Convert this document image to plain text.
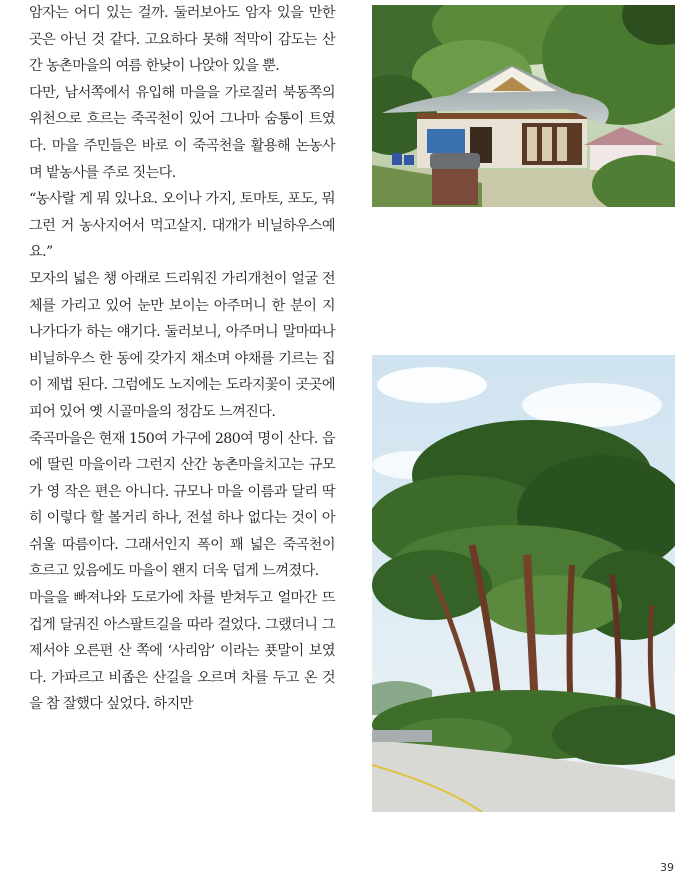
암자는 어디 있는 걸까. 둘러보아도 암자 있을 만한 곳은 아닌 것 같다. 고요하다 못해 적막이 감도는 산간 농촌마을의 여름 한낮이 나앉아 있을 뿐.

다만, 남서쪽에서 유입해 마을을 가로질러 북동쪽의 위천으로 흐르는 죽곡천이 있어 그나마 숨통이 트였다. 마을 주민들은 바로 이 죽곡천을 활용해 논농사며 밭농사를 주로 짓는다.

“농사랄 게 뭐 있나요. 오이나 가지, 토마토, 포도, 뭐 그런 거 농사지어서 먹고살지. 대개가 비닐하우스예요.”

모자의 넓은 챙 아래로 드리워진 가리개천이 얼굴 전체를 가리고 있어 눈만 보이는 아주머니 한 분이 지나가다가 하는 얘기다. 둘러보니, 아주머니 말마따나 비닐하우스 한 동에 갖가지 채소며 야채를 기르는 집이 제법 된다. 그럼에도 노지에는 도라지꽃이 곳곳에 피어 있어 옛 시골마을의 정감도 느껴진다.

죽곡마을은 현재 150여 가구에 280여 명이 산다. 읍에 딸린 마을이라 그런지 산간 농촌마을치고는 규모가 영 작은 편은 아니다. 규모나 마을 이름과 달리 딱히 이렇다 할 볼거리 하나, 전설 하나 없다는 것이 아쉬울 따름이다. 그래서인지 폭이 꽤 넓은 죽곡천이 흐르고 있음에도 마을이 왠지 더욱 덥게 느껴졌다.

마을을 빠져나와 도로가에 차를 받쳐두고 얼마간 뜨겁게 달궈진 아스팔트길을 따라 걸었다. 그랬더니 그제서야 오른편 산 쪽에 ‘사리암’ 이라는 푯말이 보였다. 가파르고 비좁은 산길을 오르며 차를 두고 온 것을 참 잘했다 싶었다. 하지만

39
